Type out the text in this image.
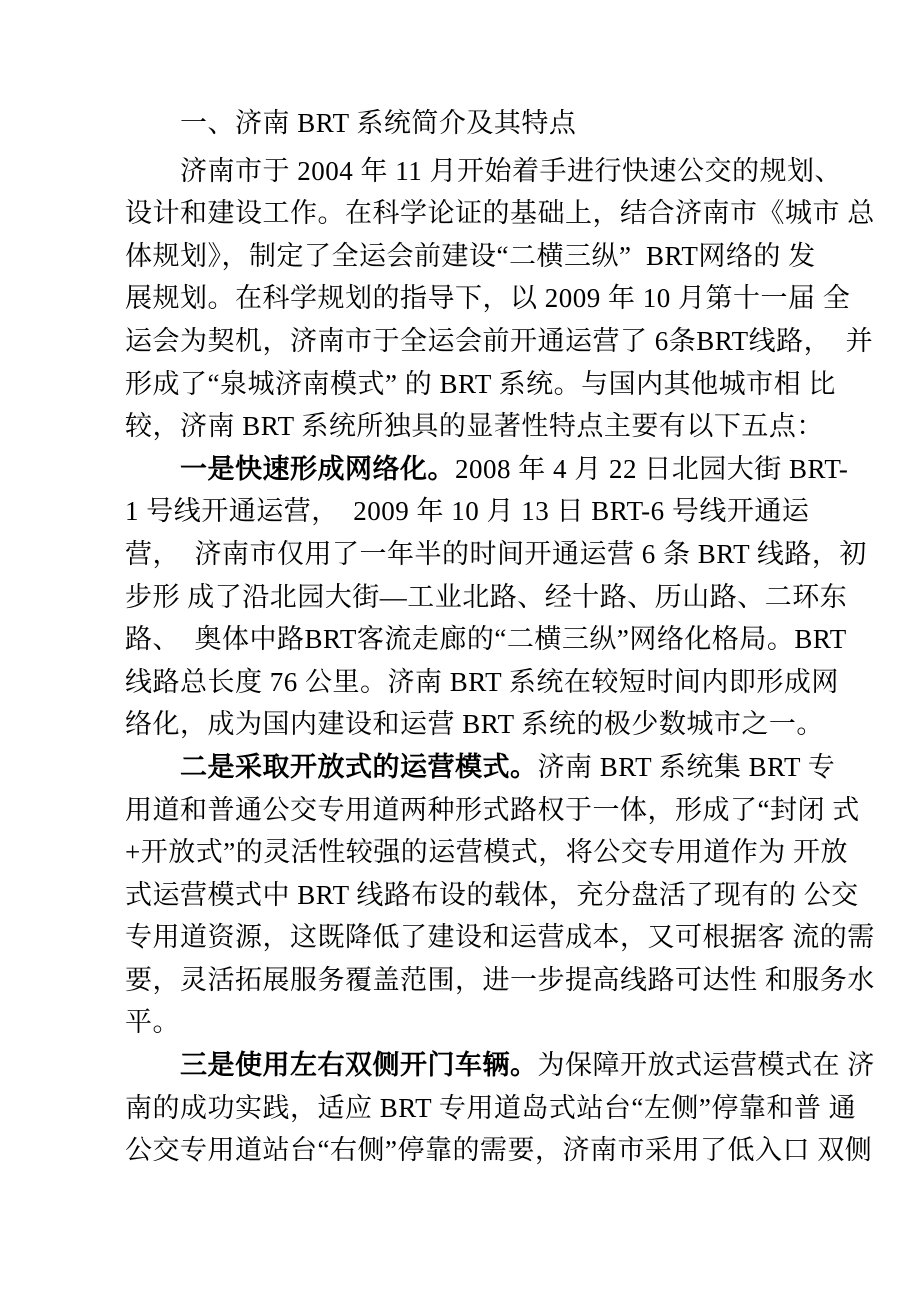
一、济南 BRT 系统简介及其特点
济南市于 2004 年 11 月开始着手进行快速公交的规划、
设计和建设工作。在科学论证的基础上，结合济南市《城市 总
体规划》，制定了全运会前建设“二横三纵”  BRT网络的 发
展规划。在科学规划的指导下，以 2009 年 10 月第十一届 全
运会为契机，济南市于全运会前开通运营了 6条BRT线路，  并
形成了“泉城济南模式” 的 BRT 系统。与国内其他城市相 比
较，济南 BRT 系统所独具的显著性特点主要有以下五点：
一是快速形成网络化。2008 年 4 月 22 日北园大街 BRT-
1 号线开通运营，  2009 年 10 月 13 日 BRT-6 号线开通运
营，  济南市仅用了一年半的时间开通运营 6 条 BRT 线路，初
步形 成了沿北园大街—工业北路、经十路、历山路、二环东
路、  奥体中路BRT客流走廊的“二横三纵”网络化格局。BRT
线路总长度 76 公里。济南 BRT 系统在较短时间内即形成网
络化，成为国内建设和运营 BRT 系统的极少数城市之一。
二是采取开放式的运营模式。济南 BRT 系统集 BRT 专
用道和普通公交专用道两种形式路权于一体，形成了“封闭 式
+开放式”的灵活性较强的运营模式，将公交专用道作为 开放
式运营模式中 BRT 线路布设的载体，充分盘活了现有的 公交
专用道资源，这既降低了建设和运营成本，又可根据客 流的需
要，灵活拓展服务覆盖范围，进一步提高线路可达性 和服务水
平。
三是使用左右双侧开门车辆。为保障开放式运营模式在 济
南的成功实践，适应 BRT 专用道岛式站台“左侧”停靠和普 通
公交专用道站台“右侧”停靠的需要，济南市采用了低入口 双侧
